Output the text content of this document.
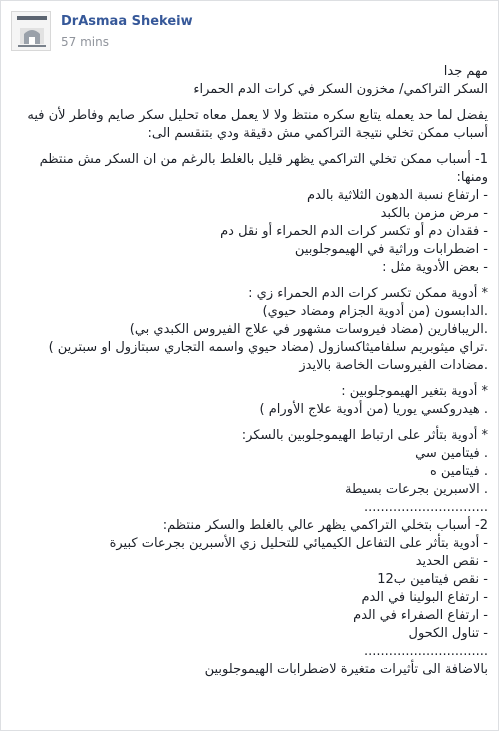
DrAsmaa Shekeiw
57 mins

مهم جدا

السكر التراكمي/ مخزون السكر في كرات الدم الحمراء

يفضل لما حد يعمله يتابع سكره منتظ ولا لا يعمل معاه تحليل سكر صايم وفاطر لأن فيه أسباب ممكن تخلي نتيجة التراكمي مش دقيقة ودي بتنقسم الى:

1- أسباب ممكن تخلي التراكمي يظهر قليل بالغلط بالرغم من ان السكر مش منتظم ومنها:

- ارتفاع نسبة الدهون الثلاثية بالدم

- مرض مزمن بالكبد

- فقدان دم أو تكسر كرات الدم الحمراء أو نقل دم

- اضطرابات وراثية في الهيموجلوبين

- بعض الأدوية مثل :

* أدوية ممكن تكسر كرات الدم الحمراء زي :

.الدابسون (من أدوية الجزام ومضاد حيوي)

.الريبافارين (مضاد فيروسات مشهور في علاج الفيروس الكبدي بي)

.تراي ميثوبريم سلفاميثاكسازول (مضاد حيوي واسمه التجاري سبتازول او سبترين )

.مضادات الفيروسات الخاصة بالايدز

* أدوية بتغير الهيموجلوبين :

. هيدروكسي يوريا (من أدوية علاج الأورام )

* أدوية بتأثر على ارتباط الهيموجلوبين بالسكر:

. فيتامين سي

. فيتامين ه

. الاسبرين بجرعات بسيطة

..............................

2- أسباب بتخلي التراكمي يظهر عالي بالغلط والسكر منتظم:

- أدوية بتأثر على التفاعل الكيميائي للتحليل زي الأسبرين بجرعات كبيرة

- نقص الحديد

- نقص فيتامين ب12

- ارتفاع البولينا في الدم

- ارتفاع الصفراء في الدم

- تناول الكحول

..............................

بالاضافة الى تأثيرات متغيرة لاضطرابات الهيموجلوبين
